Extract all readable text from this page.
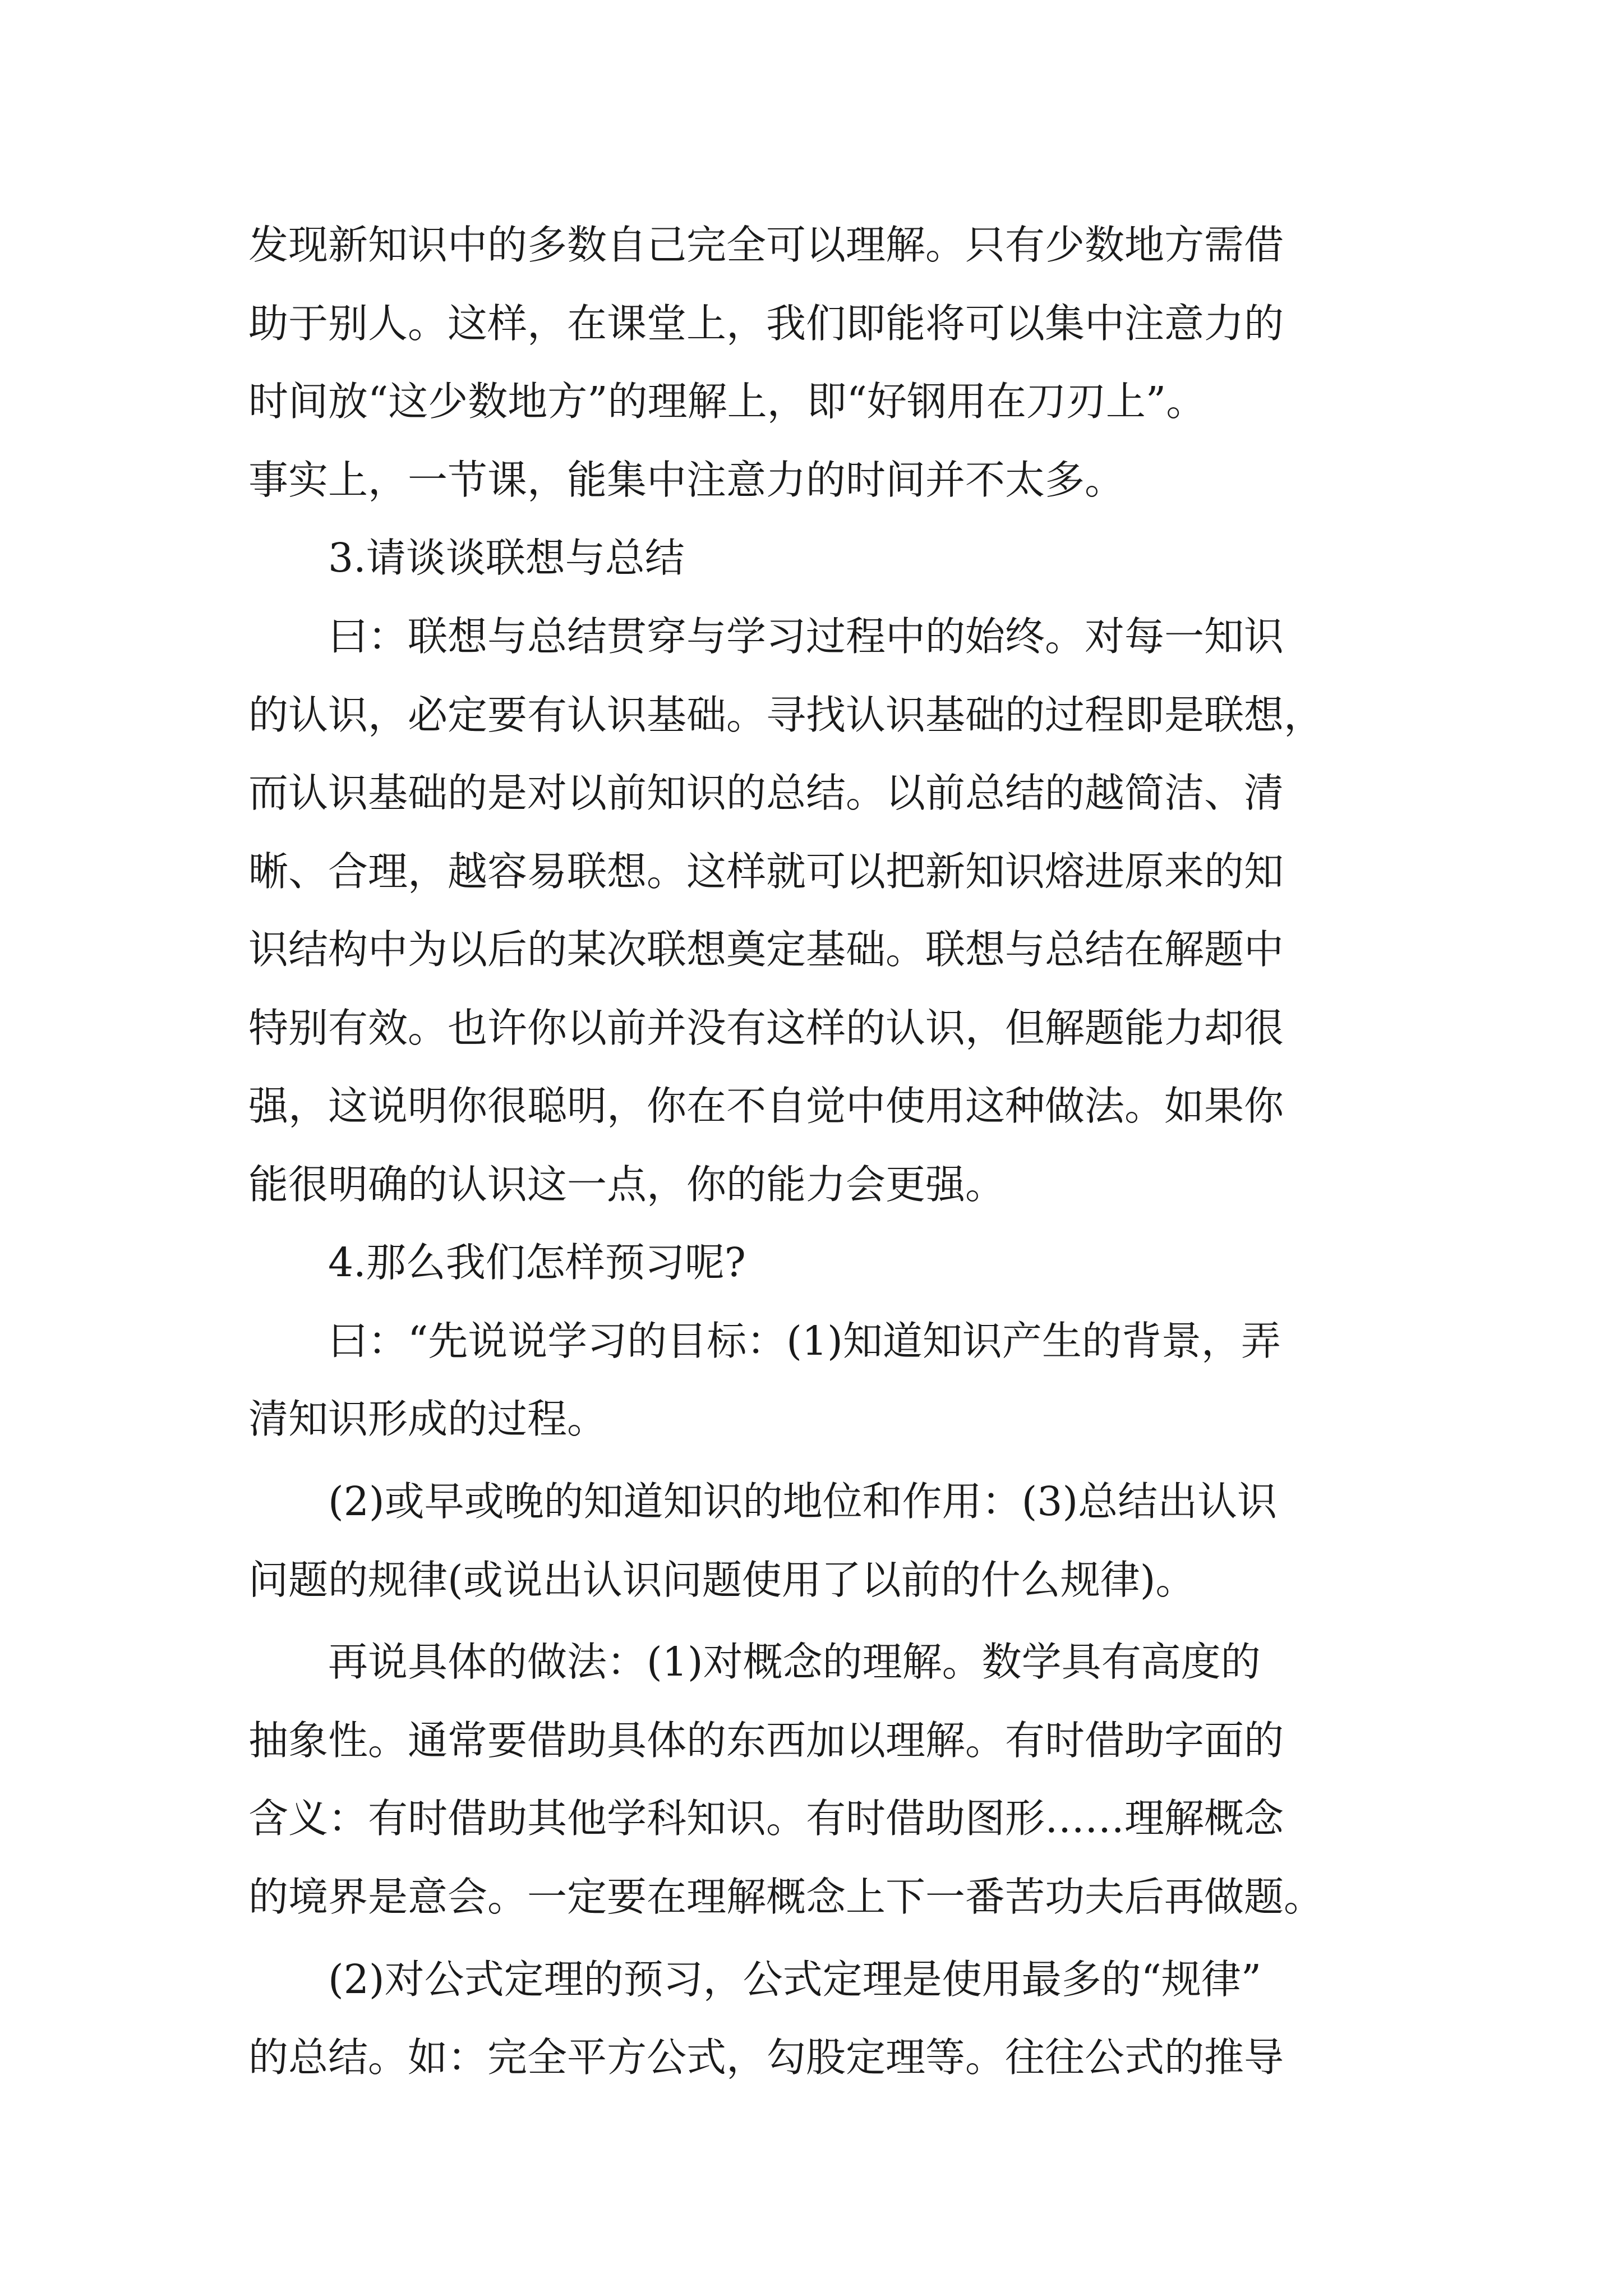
发现新知识中的多数自己完全可以理解。只有少数地方需借
助于别人。这样，在课堂上，我们即能将可以集中注意力的
时间放“这少数地方”的理解上，即“好钢用在刀刃上”。
事实上，一节课，能集中注意力的时间并不太多。
3.请谈谈联想与总结
曰：联想与总结贯穿与学习过程中的始终。对每一知识
的认识，必定要有认识基础。寻找认识基础的过程即是联想，
而认识基础的是对以前知识的总结。以前总结的越简洁、清
晰、合理，越容易联想。这样就可以把新知识熔进原来的知
识结构中为以后的某次联想奠定基础。联想与总结在解题中
特别有效。也许你以前并没有这样的认识，但解题能力却很
强，这说明你很聪明，你在不自觉中使用这种做法。如果你
能很明确的认识这一点，你的能力会更强。
4.那么我们怎样预习呢?
曰：“先说说学习的目标：(1)知道知识产生的背景，弄
清知识形成的过程。
(2)或早或晚的知道知识的地位和作用：(3)总结出认识
问题的规律(或说出认识问题使用了以前的什么规律)。
再说具体的做法：(1)对概念的理解。数学具有高度的
抽象性。通常要借助具体的东西加以理解。有时借助字面的
含义：有时借助其他学科知识。有时借助图形……理解概念
的境界是意会。一定要在理解概念上下一番苦功夫后再做题。
(2)对公式定理的预习，公式定理是使用最多的“规律”
的总结。如：完全平方公式，勾股定理等。往往公式的推导
